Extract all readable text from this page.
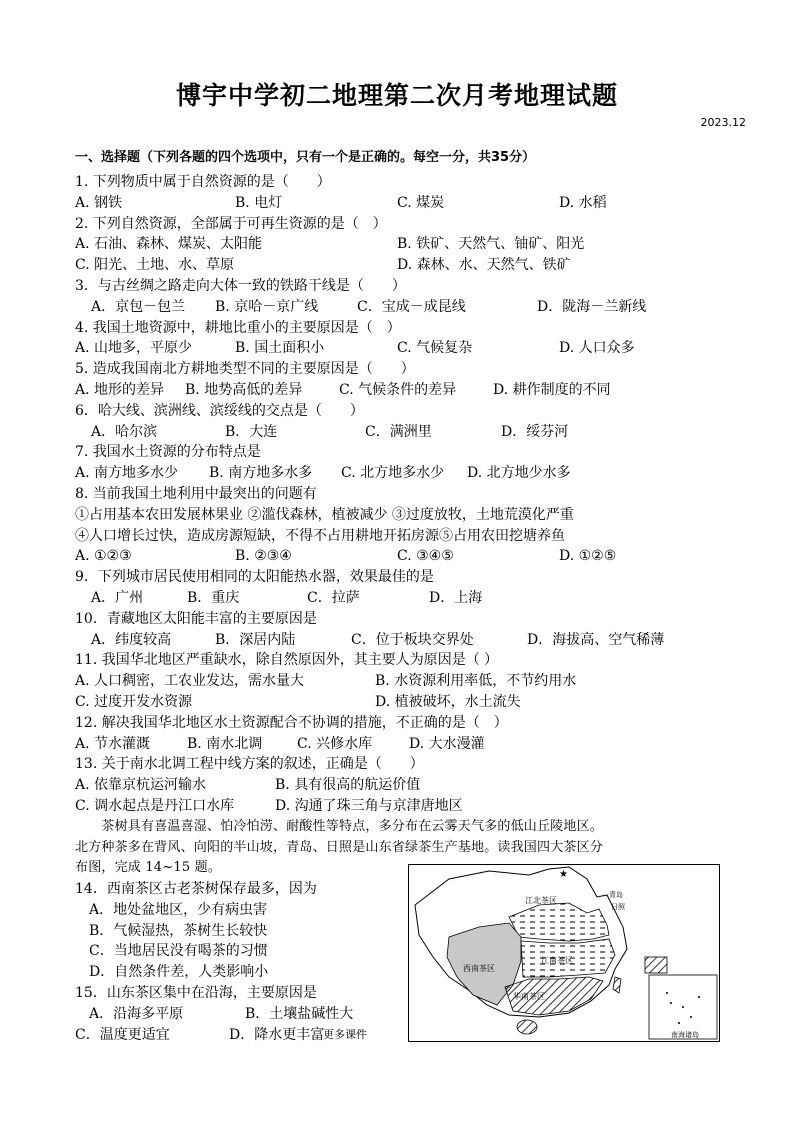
博宇中学初二地理第二次月考地理试题
2023.12
一、选择题（下列各题的四个选项中，只有一个是正确的。每空一分，共35分）
1. 下列物质中属于自然资源的是（　　）
A. 钢铁	B. 电灯	C. 煤炭	D. 水稻
2. 下列自然资源，全部属于可再生资源的是（　）
A. 石油、森林、煤炭、太阳能	B. 铁矿、天然气、铀矿、阳光
C. 阳光、土地、水、草原	D. 森林、水、天然气、铁矿
3．与古丝绸之路走向大体一致的铁路干线是（　　）
A．京包－包兰 B. 京哈－京广线	C．宝成－成昆线	D．陇海－兰新线
4. 我国土地资源中，耕地比重小的主要原因是（　）
A. 山地多，平原少	B. 国土面积小	C. 气候复杂	D. 人口众多
5. 造成我国南北方耕地类型不同的主要原因是（　　）
A. 地形的差异 B. 地势高低的差异	C. 气候条件的差异	D. 耕作制度的不同
6．哈大线、滨洲线、滨绥线的交点是（　　）
A．哈尔滨	B．大连	C．满洲里	D．绥芬河
7. 我国水土资源的分布特点是
A. 南方地多水少 B. 南方地多水多 C. 北方地多水少 D. 北方地少水多
8. 当前我国土地利用中最突出的问题有
①占用基本农田发展林果业 ②滥伐森林，植被减少 ③过度放牧，土地荒漠化严重
④人口增长过快，造成房源短缺，不得不占用耕地开拓房源⑤占用农田挖塘养鱼
A. ①②③	B. ②③④	C. ③④⑤	D. ①②⑤
9．下列城市居民使用相同的太阳能热水器，效果最佳的是
A．广州	B．重庆	C．拉萨	D．上海
10．青藏地区太阳能丰富的主要原因是
A．纬度较高	B．深居内陆	C．位于板块交界处	D．海拔高、空气稀薄
11. 我国华北地区严重缺水，除自然原因外，其主要人为原因是（ ）
A. 人口稠密，工农业发达，需水量大	B. 水资源利用率低，不节约用水
C. 过度开发水资源	D. 植被破坏，水土流失
12. 解决我国华北地区水土资源配合不协调的措施，不正确的是（　）
A. 节水灌溉	B. 南水北调 C. 兴修水库	D. 大水漫灌
13. 关于南水北调工程中线方案的叙述，正确是（　　）
A. 依靠京杭运河输水	B. 具有很高的航运价值
C. 调水起点是丹江口水库	D. 沟通了珠三角与京津唐地区
　　茶树具有喜温喜湿、怕冷怕涝、耐酸性等特点，多分布在云雾天气多的低山丘陵地区。
北方种茶多在背风、向阳的半山坡，青岛、日照是山东省绿茶生产基地。读我国四大茶区分
布图，完成 14~15 题。
14．西南茶区古老茶树保存最多，因为
A．地处盆地区，少有病虫害
B．气候湿热，茶树生长较快
C．当地居民没有喝茶的习惯
D．自然条件差，人类影响小
15．山东茶区集中在沿海，主要原因是
A．沿海多平原	B．土壤盐碱性大
C．温度更适宜	D．降水更丰富
更多课件
★
江北茶区
西南茶区
江南茶区
华南茶区
青岛
日照
南海诸岛
